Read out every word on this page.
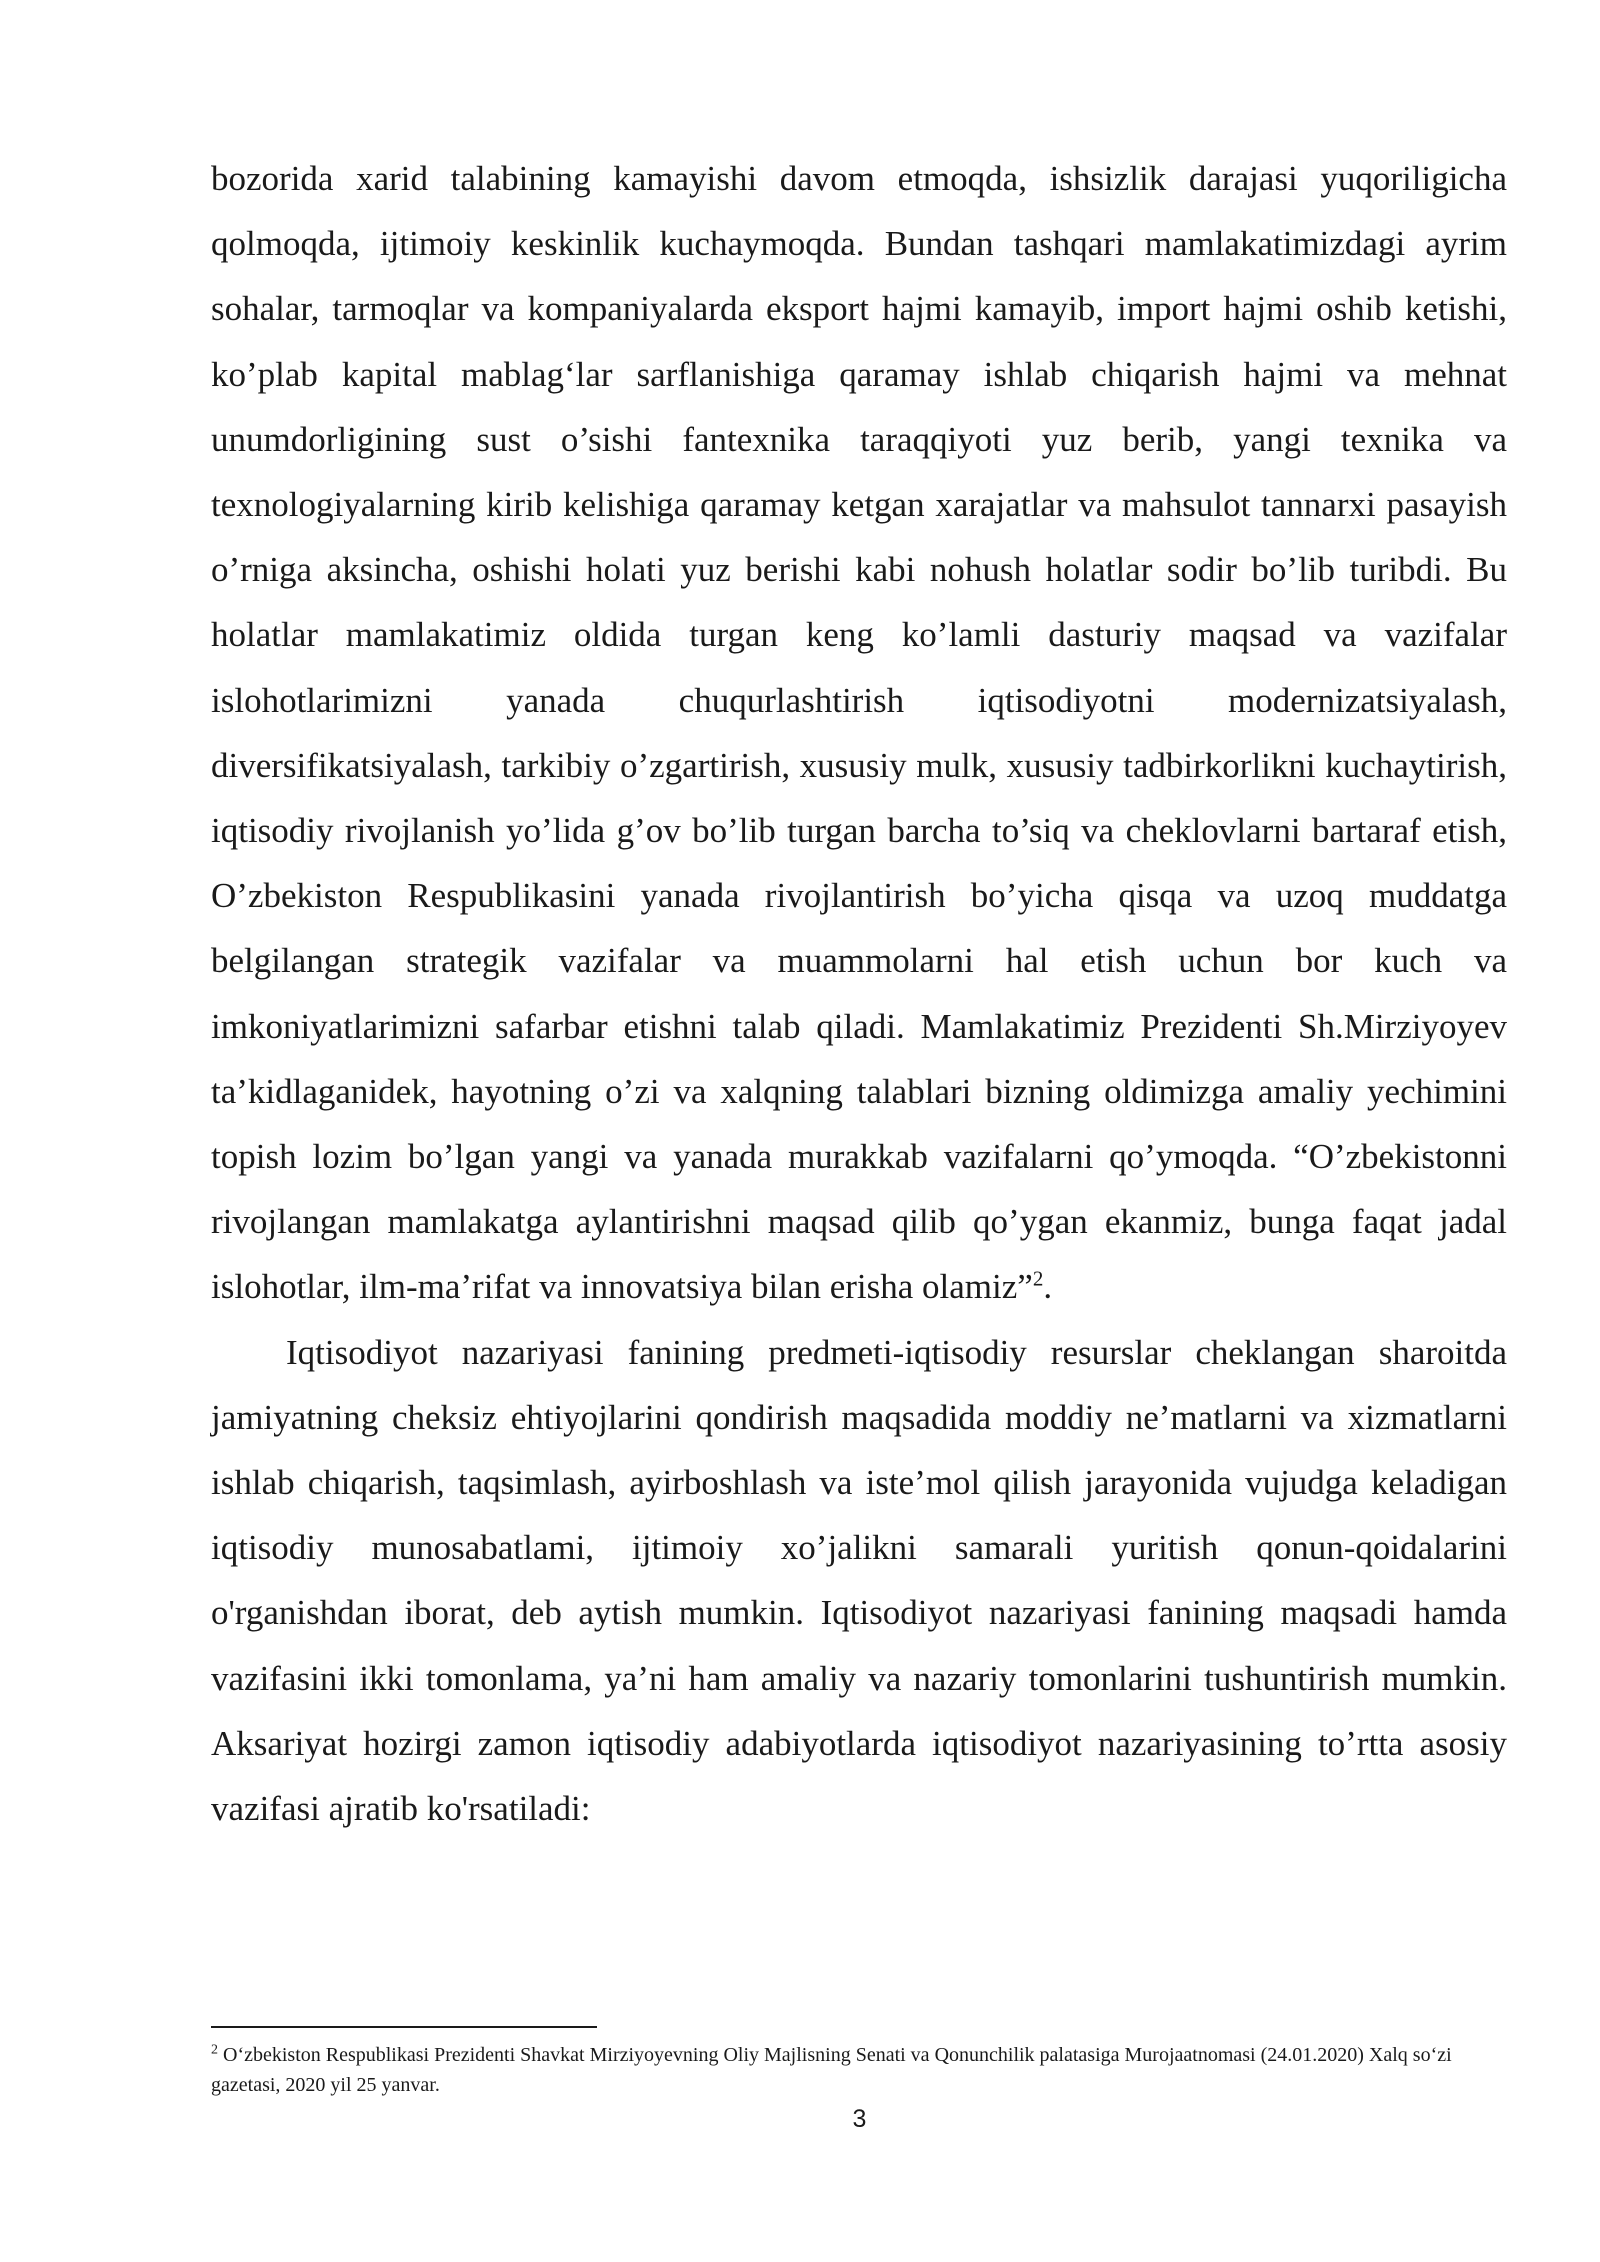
bozorida xarid talabining kamayishi davom etmoqda, ishsizlik darajasi yuqoriligicha qolmoqda, ijtimoiy keskinlik kuchaymoqda. Bundan tashqari mamlakatimizdagi ayrim sohalar, tarmoqlar va kompaniyalarda eksport hajmi kamayib, import hajmi oshib ketishi, ko’plab kapital mablag‘lar sarflanishiga qaramay ishlab chiqarish hajmi va mehnat unumdorligining sust o’sishi fantexnika taraqqiyoti yuz berib, yangi texnika va texnologiyalarning kirib kelishiga qaramay ketgan xarajatlar va mahsulot tannarxi pasayish o’rniga aksincha, oshishi holati yuz berishi kabi nohush holatlar sodir bo’lib turibdi. Bu holatlar mamlakatimiz oldida turgan keng ko’lamli dasturiy maqsad va vazifalar islohotlarimizni yanada chuqurlashtirish iqtisodiyotni modernizatsiyalash, diversifikatsiyalash, tarkibiy o’zgartirish, xususiy mulk, xususiy tadbirkorlikni kuchaytirish, iqtisodiy rivojlanish yo’lida g’ov bo’lib turgan barcha to’siq va cheklovlarni bartaraf etish, O’zbekiston Respublikasini yanada rivojlantirish bo’yicha qisqa va uzoq muddatga belgilangan strategik vazifalar va muammolarni hal etish uchun bor kuch va imkoniyatlarimizni safarbar etishni talab qiladi. Mamlakatimiz Prezidenti Sh.Mirziyoyev ta’kidlaganidek, hayotning o’zi va xalqning talablari bizning oldimizga amaliy yechimini topish lozim bo’lgan yangi va yanada murakkab vazifalarni qo’ymoqda. “O’zbekistonni rivojlangan mamlakatga aylantirishni maqsad qilib qo’ygan ekanmiz, bunga faqat jadal islohotlar, ilm-ma’rifat va innovatsiya bilan erisha olamiz”$^2$.

Iqtisodiyot nazariyasi fanining predmeti-iqtisodiy resurslar cheklangan sharoitda jamiyatning cheksiz ehtiyojlarini qondirish maqsadida moddiy ne’matlarni va xizmatlarni ishlab chiqarish, taqsimlash, ayirboshlash va iste’mol qilish jarayonida vujudga keladigan iqtisodiy munosabatlami, ijtimoiy xo’jalikni samarali yuritish qonun-qoidalarini o'rganishdan iborat, deb aytish mumkin. Iqtisodiyot nazariyasi fanining maqsadi hamda vazifasini ikki tomonlama, ya’ni ham amaliy va nazariy tomonlarini tushuntirish mumkin. Aksariyat hozirgi zamon iqtisodiy adabiyotlarda iqtisodiyot nazariyasining to’rtta asosiy vazifasi ajratib ko'rsatiladi:

$^2$ O‘zbekiston Respublikasi Prezidenti Shavkat Mirziyoyevning Oliy Majlisning Senati va Qonunchilik palatasiga Murojaatnomasi (24.01.2020) Xalq so‘zi gazetasi, 2020 yil 25 yanvar.
3
